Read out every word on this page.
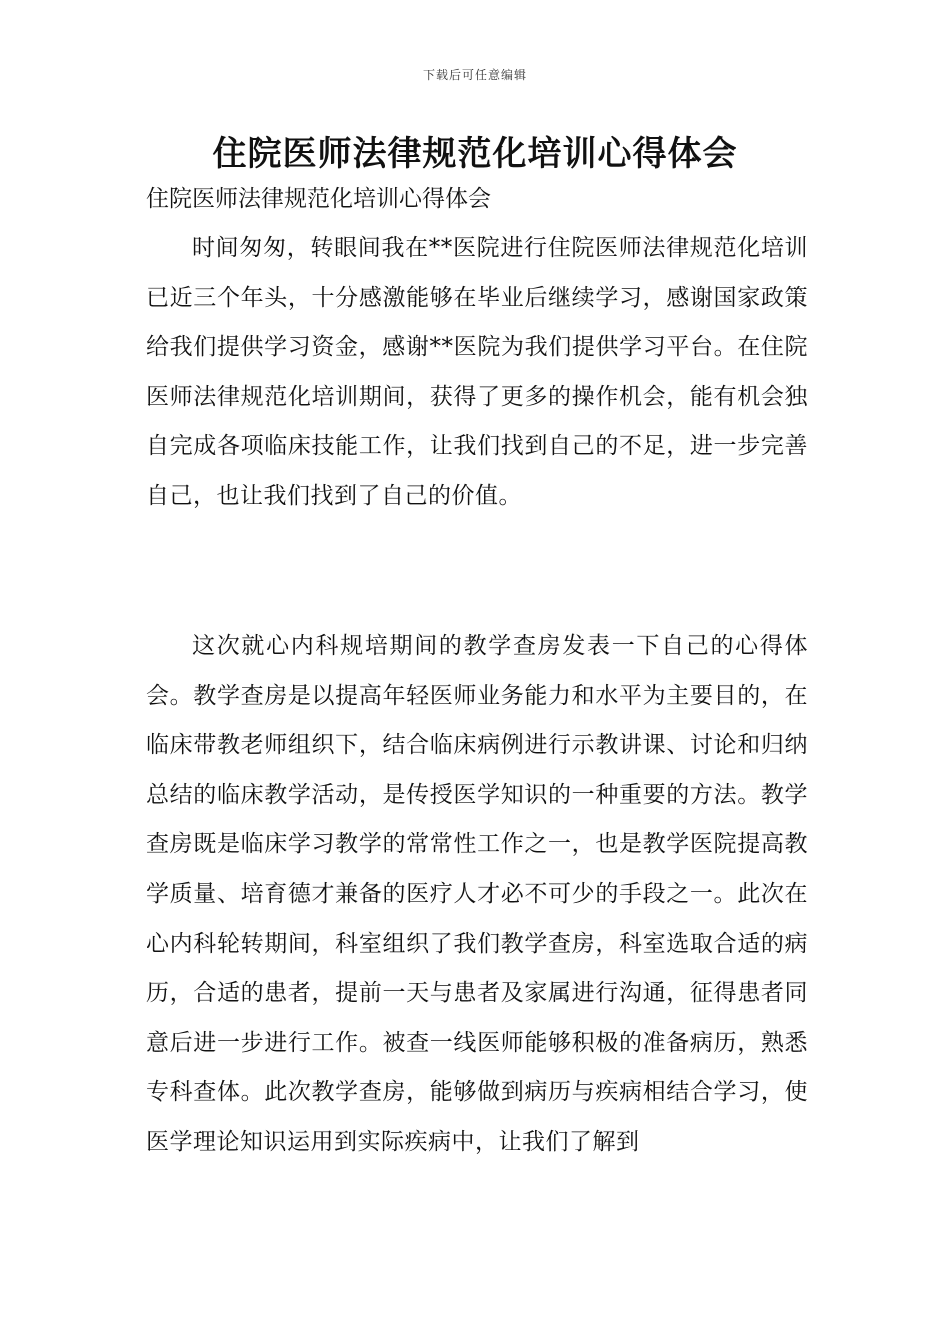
下载后可任意编辑
住院医师法律规范化培训心得体会

住院医师法律规范化培训心得体会

时间匆匆，转眼间我在**医院进行住院医师法律规范化培训已近三个年头，十分感激能够在毕业后继续学习，感谢国家政策给我们提供学习资金，感谢**医院为我们提供学习平台。在住院医师法律规范化培训期间，获得了更多的操作机会，能有机会独自完成各项临床技能工作，让我们找到自己的不足，进一步完善自己，也让我们找到了自己的价值。

这次就心内科规培期间的教学查房发表一下自己的心得体会。教学查房是以提高年轻医师业务能力和水平为主要目的，在临床带教老师组织下，结合临床病例进行示教讲课、讨论和归纳总结的临床教学活动，是传授医学知识的一种重要的方法。教学查房既是临床学习教学的常常性工作之一，也是教学医院提高教学质量、培育德才兼备的医疗人才必不可少的手段之一。此次在心内科轮转期间，科室组织了我们教学查房，科室选取合适的病历，合适的患者，提前一天与患者及家属进行沟通，征得患者同意后进一步进行工作。被查一线医师能够积极的准备病历，熟悉专科查体。此次教学查房，能够做到病历与疾病相结合学习，使医学理论知识运用到实际疾病中，让我们了解到
